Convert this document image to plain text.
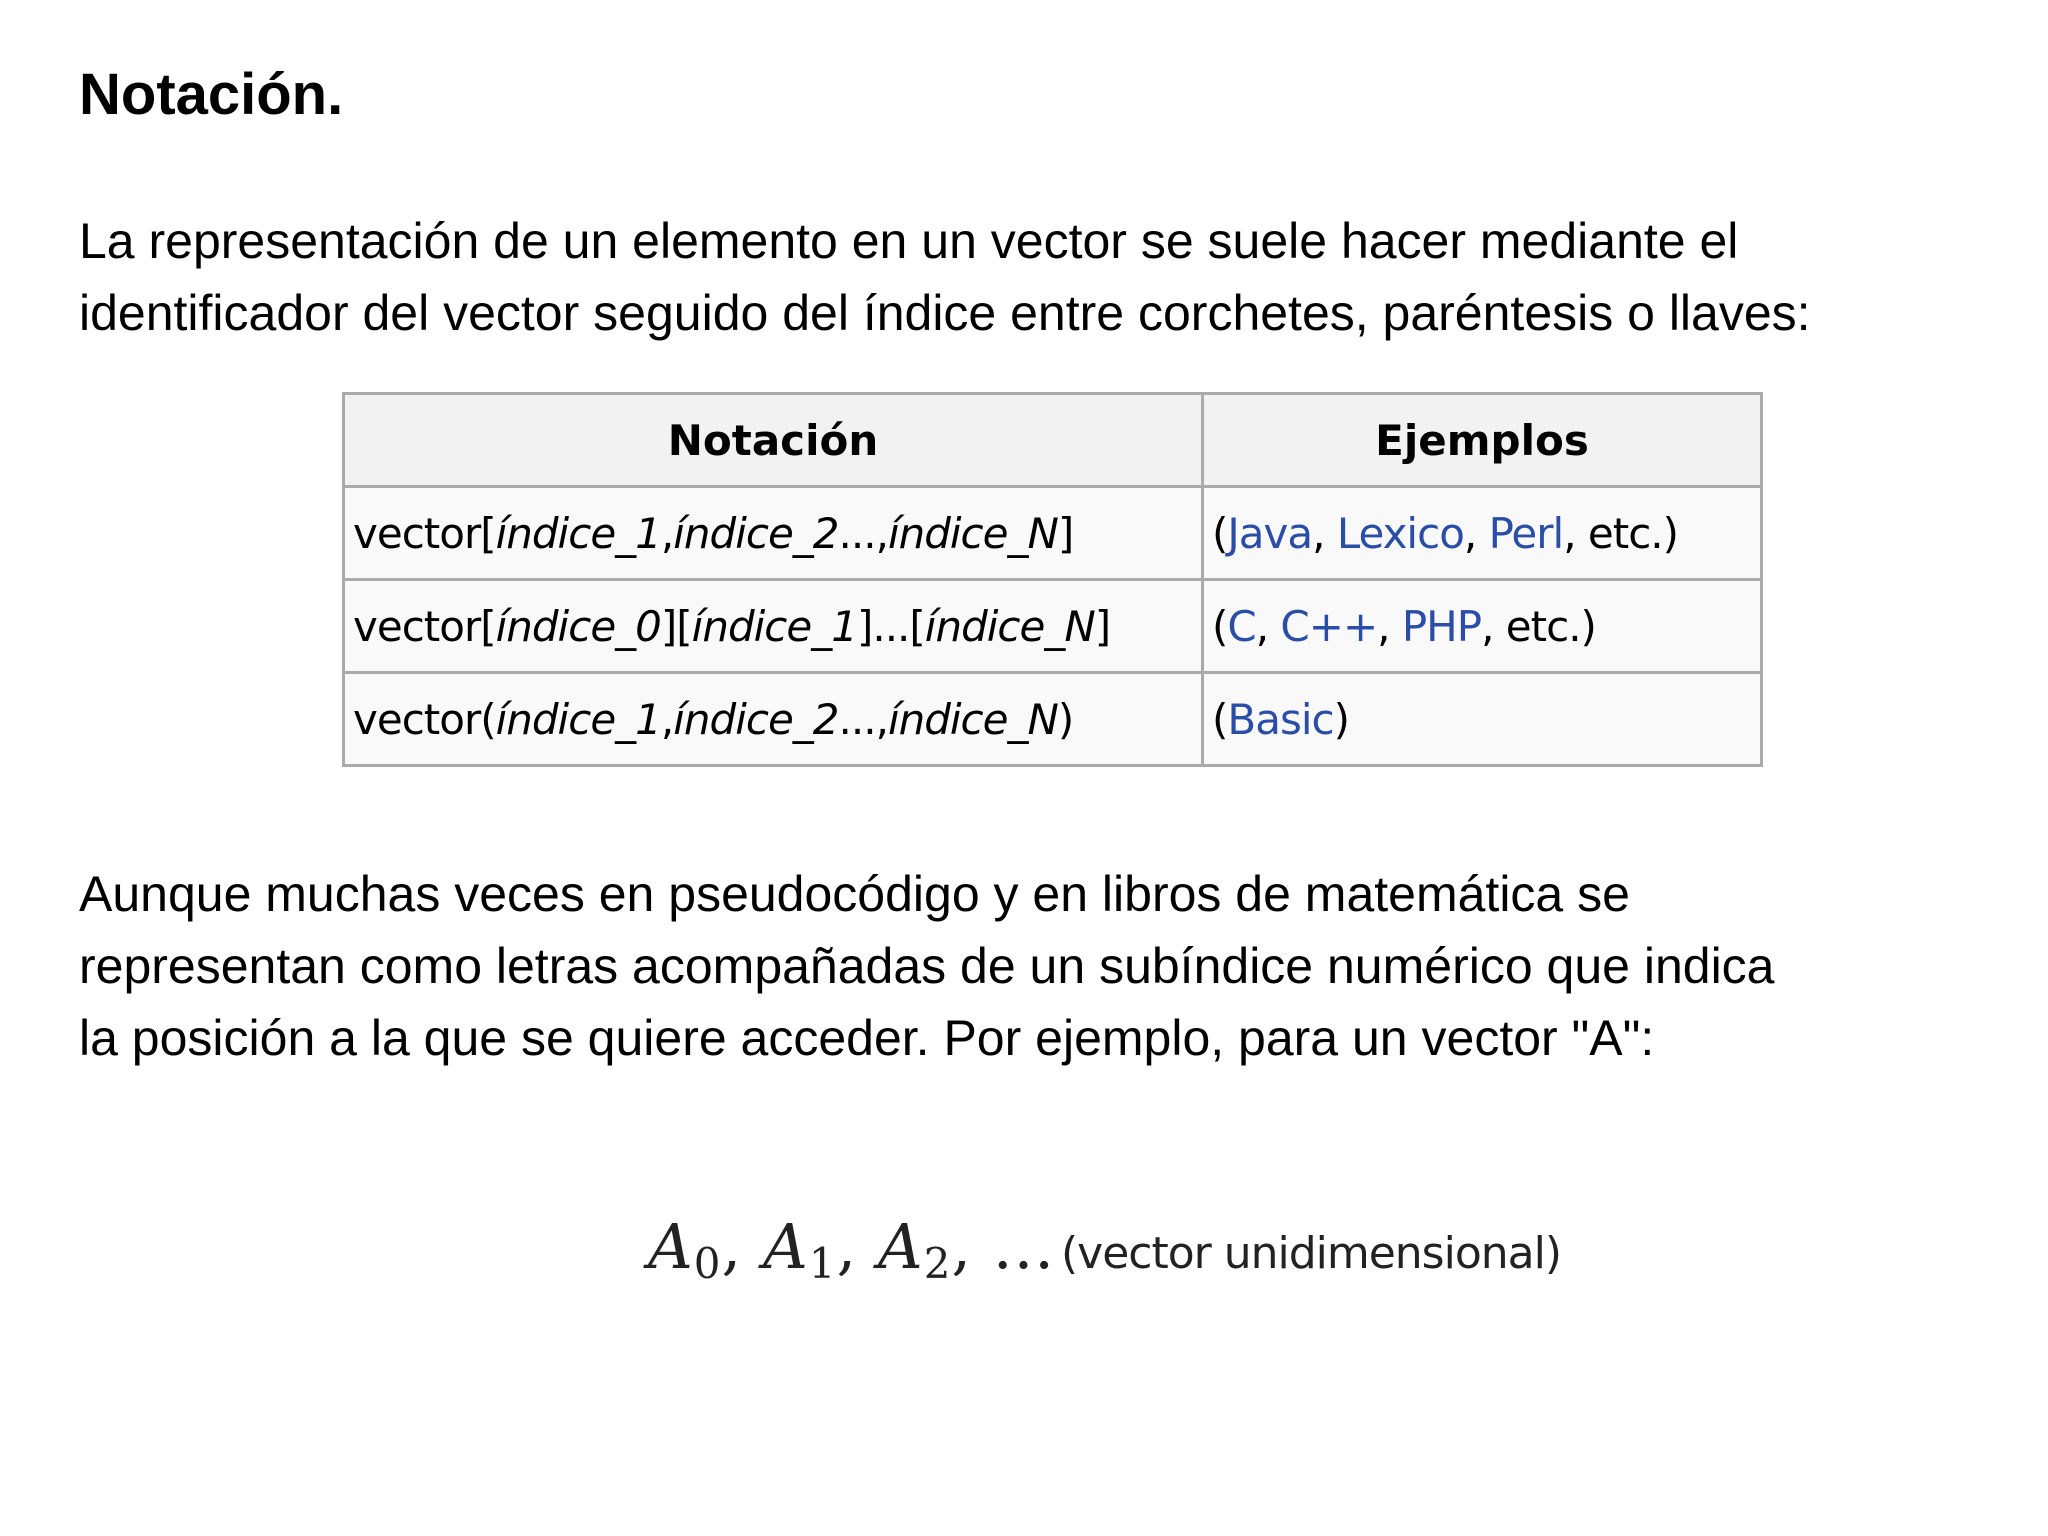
Notación.

La representación de un elemento en un vector se suele hacer mediante el
identificador del vector seguido del índice entre corchetes, paréntesis o llaves:

Notación	Ejemplos
vector[índice_1,índice_2...,índice_N]	(Java, Lexico, Perl, etc.)
vector[índice_0][índice_1]...[índice_N]	(C, C++, PHP, etc.)
vector(índice_1,índice_2...,índice_N)	(Basic)

Aunque muchas veces en pseudocódigo y en libros de matemática se
representan como letras acompañadas de un subíndice numérico que indica
la posición a la que se quiere acceder. Por ejemplo, para un vector "A":

$A_0$, $A_1$, $A_2$, ... (vector unidimensional)
